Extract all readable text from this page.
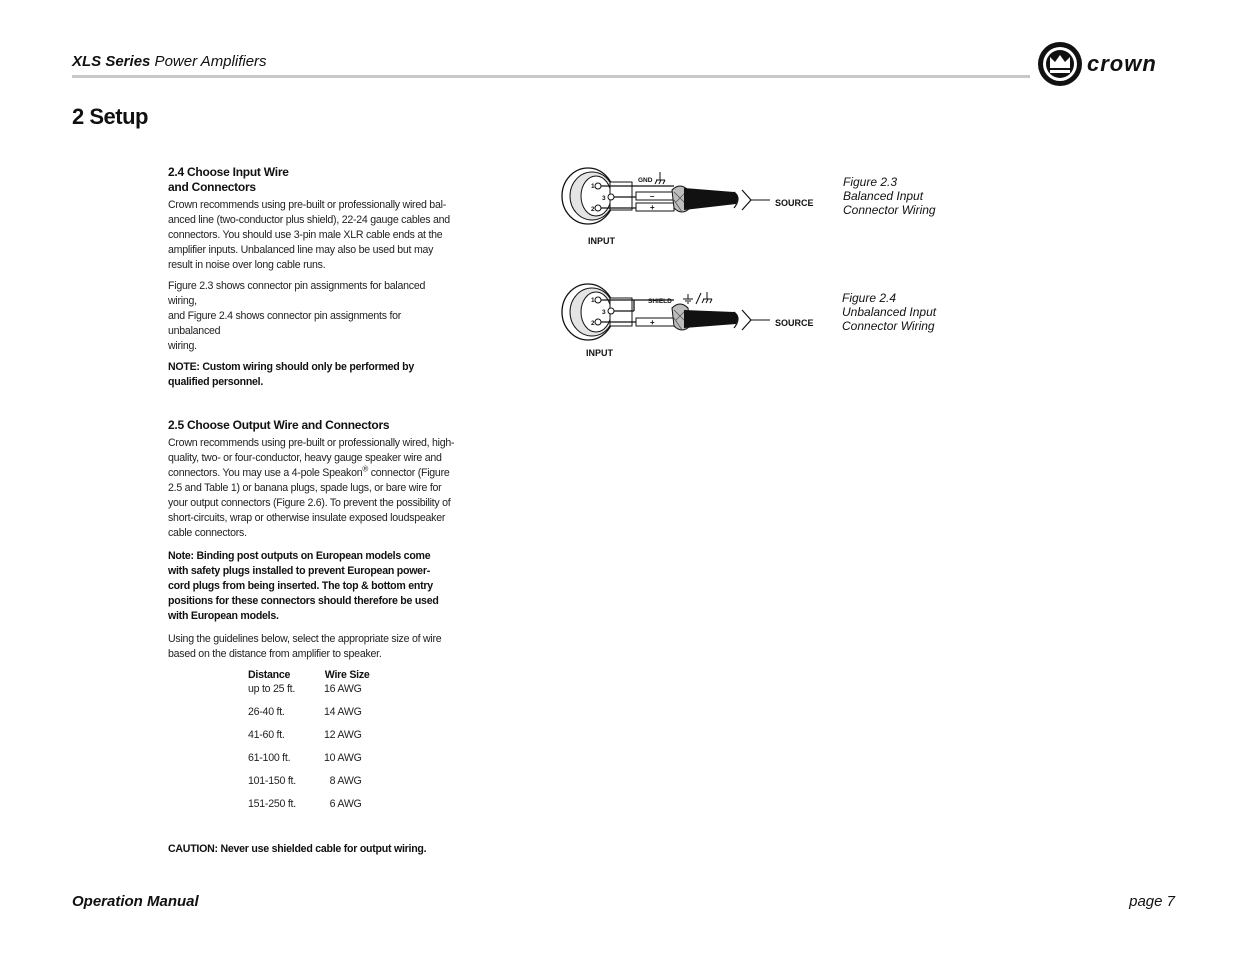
XLS Series Power Amplifiers	crown
2 Setup
2.4 Choose Input Wire
and Connectors

Crown recommends using pre-built or professionally wired bal-
anced line (two-conductor plus shield), 22-24 gauge cables and
connectors. You should use 3-pin male XLR cable ends at the
amplifier inputs. Unbalanced line may also be used but may
result in noise over long cable runs.

Figure 2.3 shows connector pin assignments for balanced wiring,
and Figure 2.4 shows connector pin assignments for unbalanced
wiring.

NOTE: Custom wiring should only be performed by
qualified personnel.

2.5 Choose Output Wire and Connectors

Crown recommends using pre-built or professionally wired, high-
quality, two- or four-conductor, heavy gauge speaker wire and
connectors. You may use a 4-pole Speakon® connector (Figure
2.5 and Table 1) or banana plugs, spade lugs, or bare wire for
your output connectors (Figure 2.6). To prevent the possibility of
short-circuits, wrap or otherwise insulate exposed loudspeaker
cable connectors.

Note: Binding post outputs on European models come
with safety plugs installed to prevent European power-
cord plugs from being inserted. The top & bottom entry
positions for these connectors should therefore be used
with European models.

Using the guidelines below, select the appropriate size of wire
based on the distance from amplifier to speaker.

Distance	Wire Size
up to 25 ft.	16 AWG
26-40 ft.	14 AWG
41-60 ft.	12 AWG
61-100 ft.	10 AWG
101-150 ft.	8 AWG
151-250 ft.	6 AWG
CAUTION: Never use shielded cable for output wiring.
1
3
2
–
+
GND
SOURCE
INPUT
Figure 2.3
Balanced Input
Connector Wiring
1
3
2	+
SHIELD
SOURCE
INPUT
Figure 2.4
Unbalanced Input
Connector Wiring
Operation Manual	page 7
